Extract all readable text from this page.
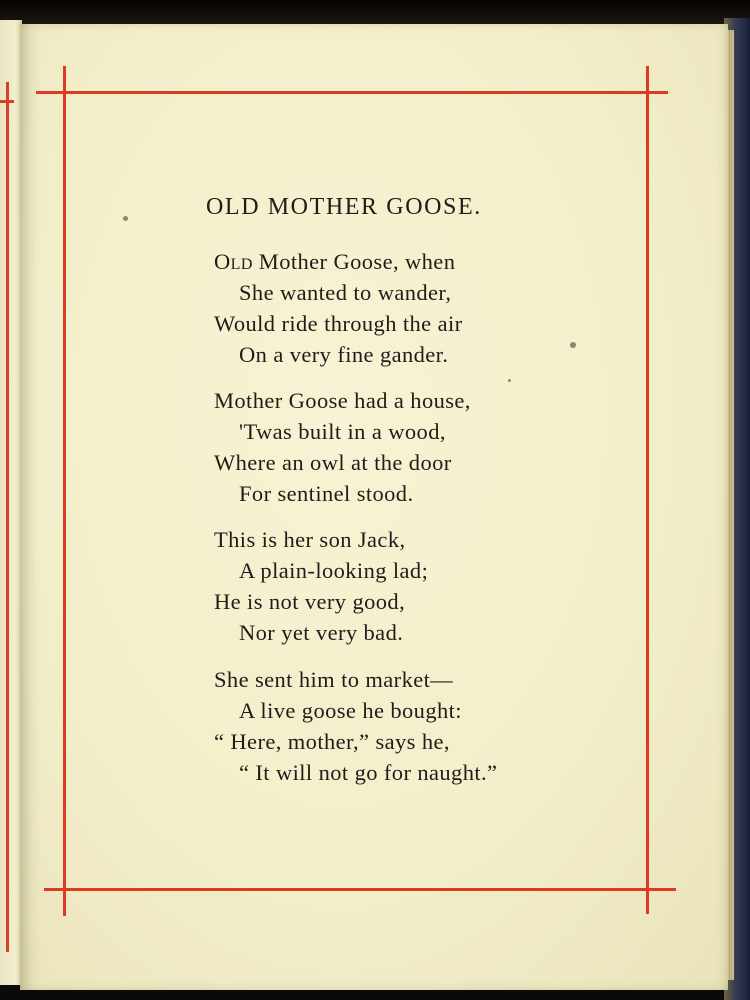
OLD MOTHER GOOSE.
Old Mother Goose, when
She wanted to wander,
Would ride through the air
On a very fine gander.
Mother Goose had a house,
'Twas built in a wood,
Where an owl at the door
For sentinel stood.
This is her son Jack,
A plain-looking lad;
He is not very good,
Nor yet very bad.
She sent him to market—
A live goose he bought:
“ Here, mother,” says he,
“ It will not go for naught.”
